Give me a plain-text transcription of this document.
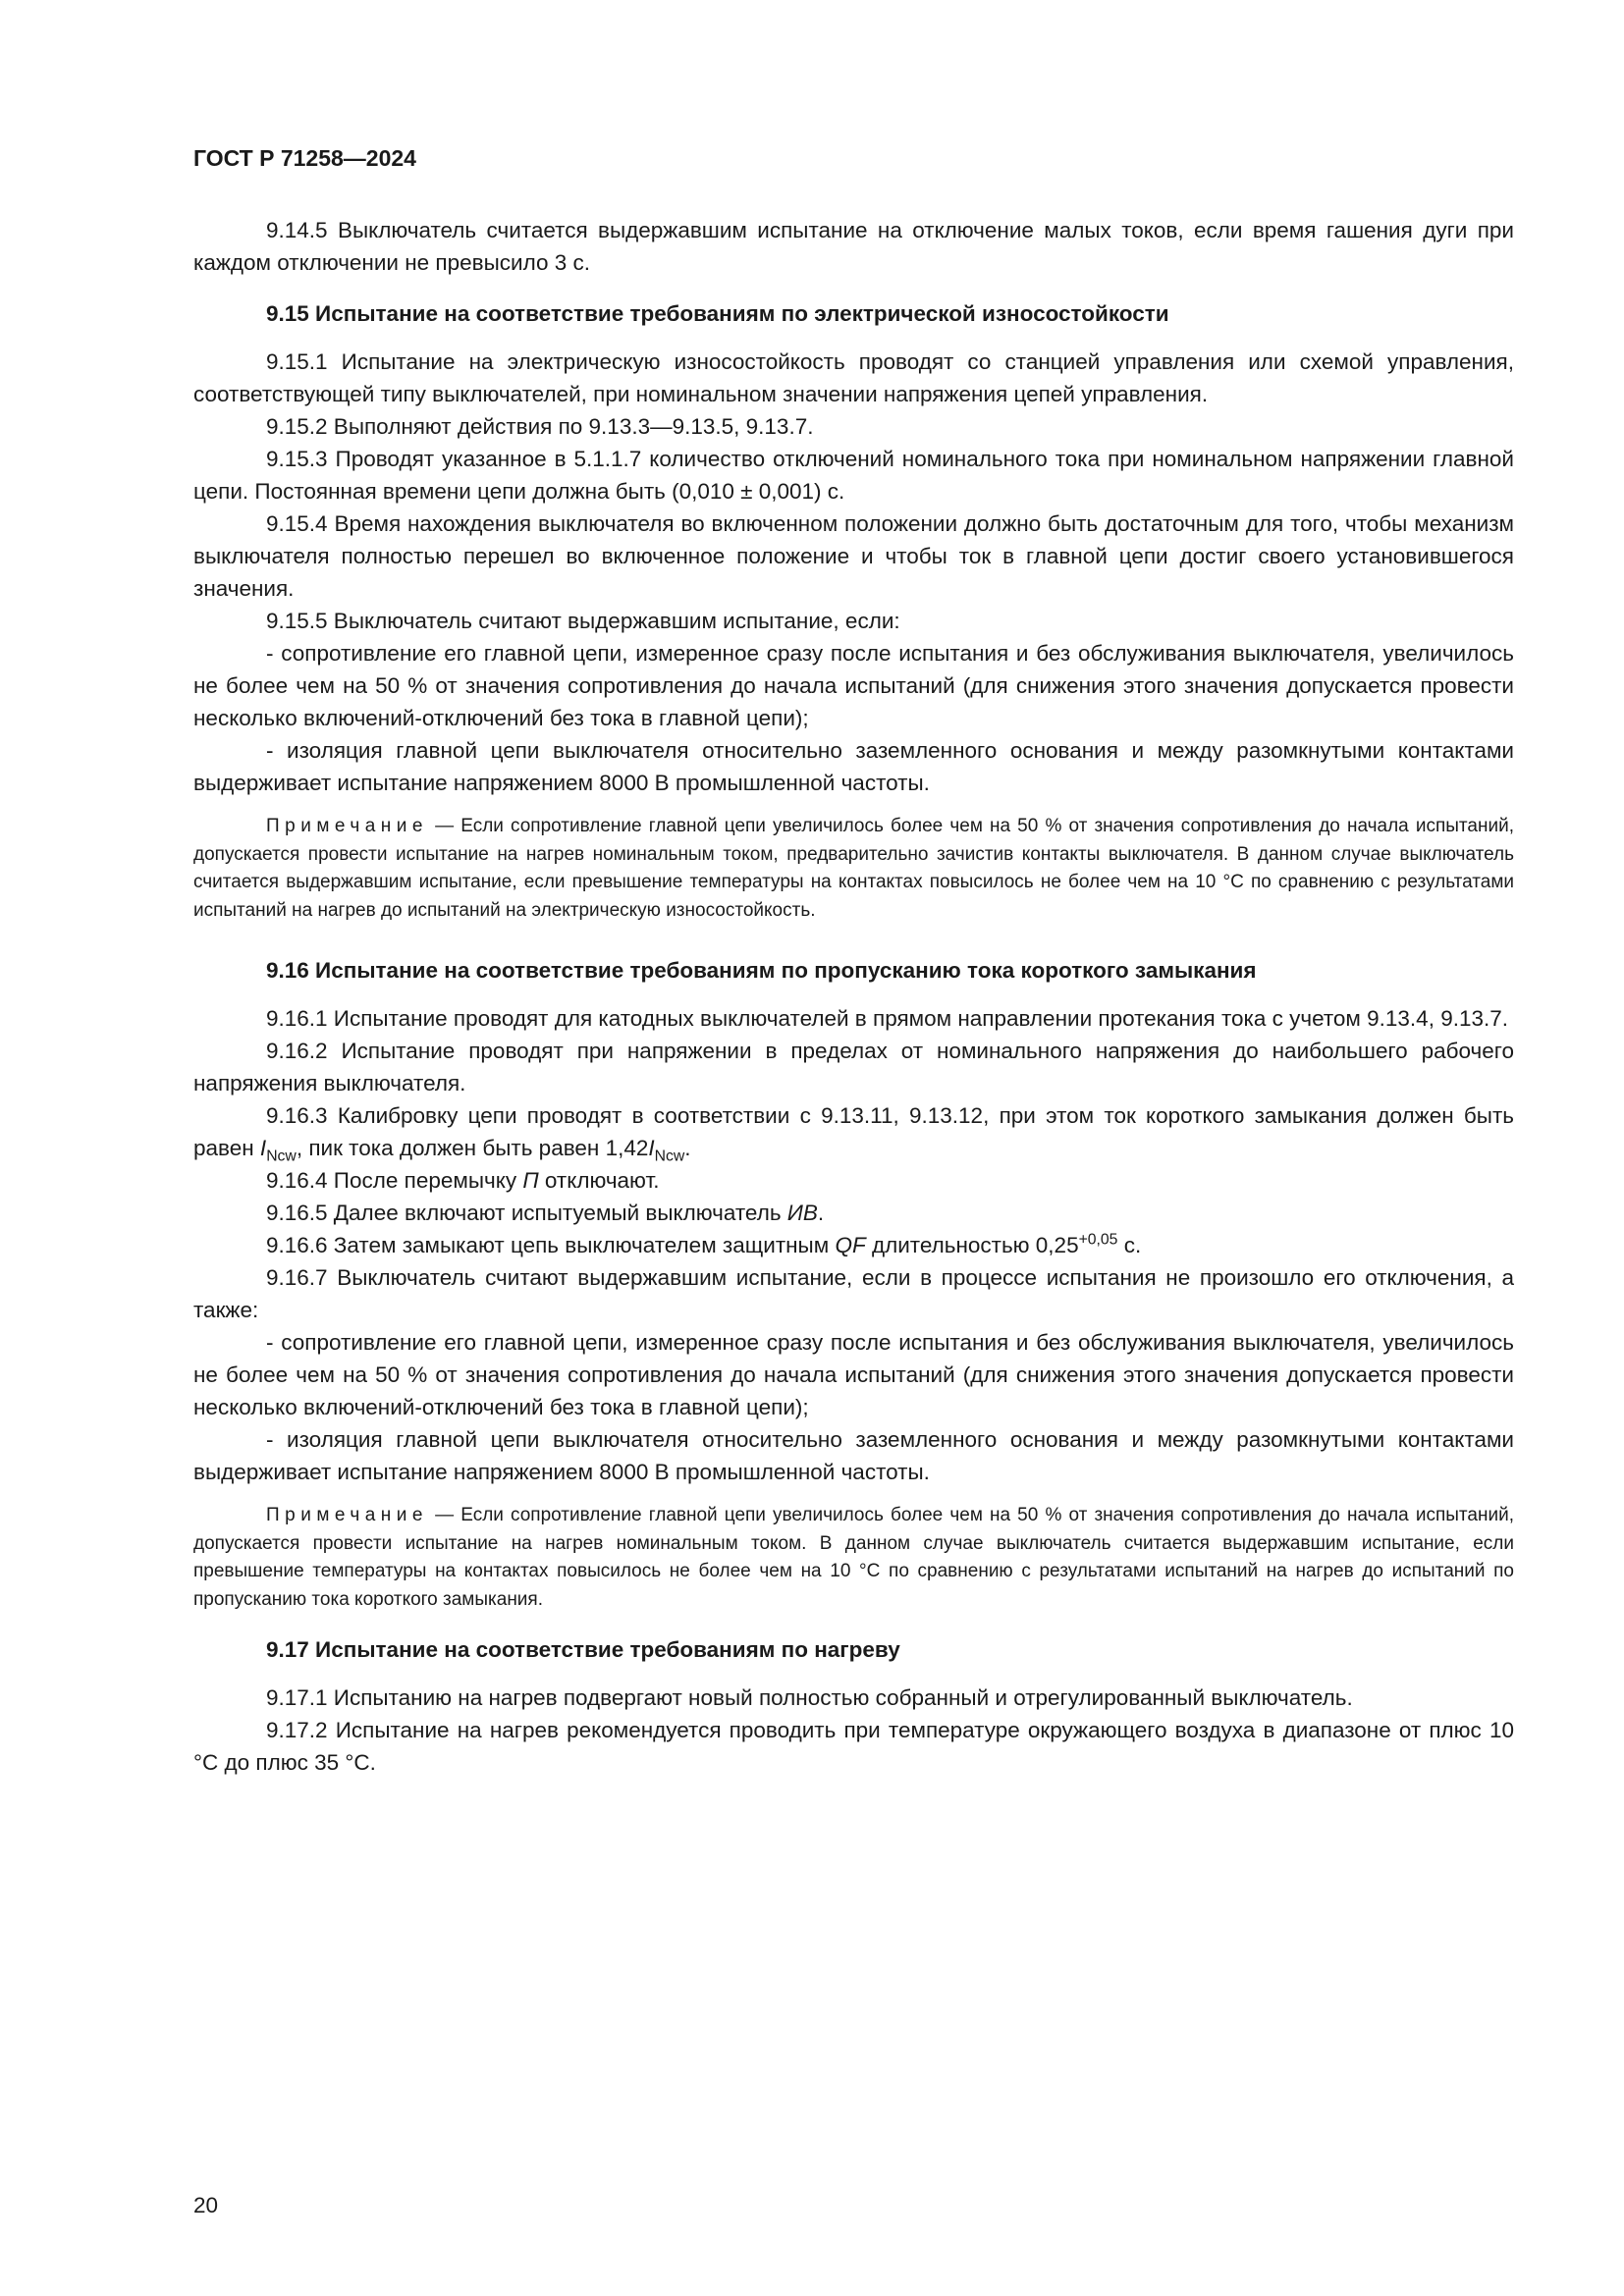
ГОСТ Р 71258—2024

9.14.5 Выключатель считается выдержавшим испытание на отключение малых токов, если время гашения дуги при каждом отключении не превысило 3 с.

9.15 Испытание на соответствие требованиям по электрической износостойкости

9.15.1 Испытание на электрическую износостойкость проводят со станцией управления или схемой управления, соответствующей типу выключателей, при номинальном значении напряжения цепей управления.

9.15.2 Выполняют действия по 9.13.3—9.13.5, 9.13.7.

9.15.3 Проводят указанное в 5.1.1.7 количество отключений номинального тока при номинальном напряжении главной цепи. Постоянная времени цепи должна быть (0,010 ± 0,001) с.

9.15.4 Время нахождения выключателя во включенном положении должно быть достаточным для того, чтобы механизм выключателя полностью перешел во включенное положение и чтобы ток в главной цепи достиг своего установившегося значения.

9.15.5 Выключатель считают выдержавшим испытание, если:

- сопротивление его главной цепи, измеренное сразу после испытания и без обслуживания выключателя, увеличилось не более чем на 50 % от значения сопротивления до начала испытаний (для снижения этого значения допускается провести несколько включений-отключений без тока в главной цепи);

- изоляция главной цепи выключателя относительно заземленного основания и между разомкнутыми контактами выдерживает испытание напряжением 8000 В промышленной частоты.

Примечание — Если сопротивление главной цепи увеличилось более чем на 50 % от значения сопротивления до начала испытаний, допускается провести испытание на нагрев номинальным током, предварительно зачистив контакты выключателя. В данном случае выключатель считается выдержавшим испытание, если превышение температуры на контактах повысилось не более чем на 10 °С по сравнению с результатами испытаний на нагрев до испытаний на электрическую износостойкость.
9.16 Испытание на соответствие требованиям по пропусканию тока короткого замыкания

9.16.1 Испытание проводят для катодных выключателей в прямом направлении протекания тока с учетом 9.13.4, 9.13.7.

9.16.2 Испытание проводят при напряжении в пределах от номинального напряжения до наибольшего рабочего напряжения выключателя.

9.16.3 Калибровку цепи проводят в соответствии с 9.13.11, 9.13.12, при этом ток короткого замыкания должен быть равен $I_{Ncw}$, пик тока должен быть равен $1,42I_{Ncw}$.

9.16.4 После перемычку П отключают.

9.16.5 Далее включают испытуемый выключатель ИВ.

9.16.6 Затем замыкают цепь выключателем защитным QF длительностью $0,25^{+0,05}$ с.

9.16.7 Выключатель считают выдержавшим испытание, если в процессе испытания не произошло его отключения, а также:

- сопротивление его главной цепи, измеренное сразу после испытания и без обслуживания выключателя, увеличилось не более чем на 50 % от значения сопротивления до начала испытаний (для снижения этого значения допускается провести несколько включений-отключений без тока в главной цепи);

- изоляция главной цепи выключателя относительно заземленного основания и между разомкнутыми контактами выдерживает испытание напряжением 8000 В промышленной частоты.

Примечание — Если сопротивление главной цепи увеличилось более чем на 50 % от значения сопротивления до начала испытаний, допускается провести испытание на нагрев номинальным током. В данном случае выключатель считается выдержавшим испытание, если превышение температуры на контактах повысилось не более чем на 10 °С по сравнению с результатами испытаний на нагрев до испытаний по пропусканию тока короткого замыкания.
9.17 Испытание на соответствие требованиям по нагреву

9.17.1 Испытанию на нагрев подвергают новый полностью собранный и отрегулированный выключатель.

9.17.2 Испытание на нагрев рекомендуется проводить при температуре окружающего воздуха в диапазоне от плюс 10 °С до плюс 35 °С.

20
